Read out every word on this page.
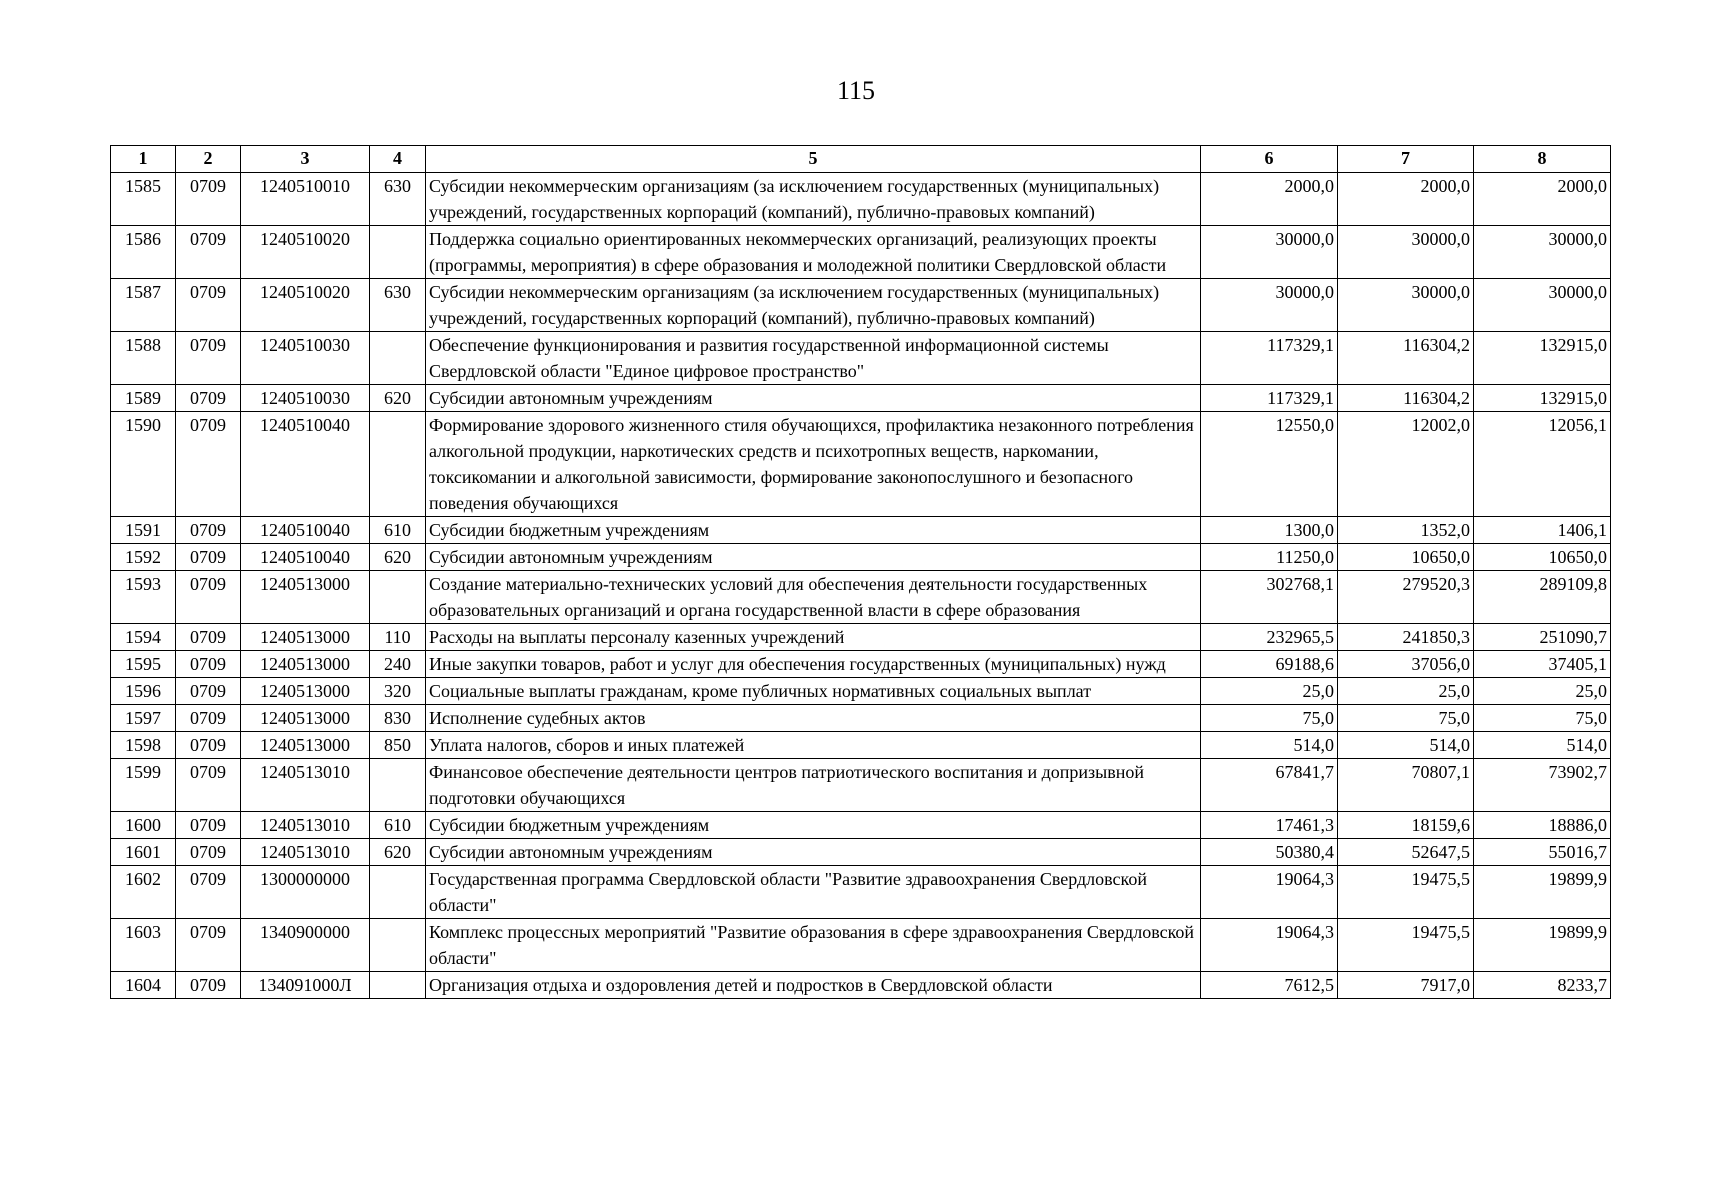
115
1	2	3	4	5	6	7	8
1585	0709	1240510010	630	Субсидии некоммерческим организациям (за исключением государственных (муниципальных) учреждений, государственных корпораций (компаний), публично-правовых компаний)	2000,0	2000,0	2000,0
1586	0709	1240510020		Поддержка социально ориентированных некоммерческих организаций, реализующих проекты (программы, мероприятия) в сфере образования и молодежной политики Свердловской области	30000,0	30000,0	30000,0
1587	0709	1240510020	630	Субсидии некоммерческим организациям (за исключением государственных (муниципальных) учреждений, государственных корпораций (компаний), публично-правовых компаний)	30000,0	30000,0	30000,0
1588	0709	1240510030		Обеспечение функционирования и развития государственной информационной системы Свердловской области "Единое цифровое пространство"	117329,1	116304,2	132915,0
1589	0709	1240510030	620	Субсидии автономным учреждениям	117329,1	116304,2	132915,0
1590	0709	1240510040		Формирование здорового жизненного стиля обучающихся, профилактика незаконного потребления алкогольной продукции, наркотических средств и психотропных веществ, наркомании, токсикомании и алкогольной зависимости, формирование законопослушного и безопасного поведения обучающихся	12550,0	12002,0	12056,1
1591	0709	1240510040	610	Субсидии бюджетным учреждениям	1300,0	1352,0	1406,1
1592	0709	1240510040	620	Субсидии автономным учреждениям	11250,0	10650,0	10650,0
1593	0709	1240513000		Создание материально-технических условий для обеспечения деятельности государственных образовательных организаций и органа государственной власти в сфере образования	302768,1	279520,3	289109,8
1594	0709	1240513000	110	Расходы на выплаты персоналу казенных учреждений	232965,5	241850,3	251090,7
1595	0709	1240513000	240	Иные закупки товаров, работ и услуг для обеспечения государственных (муниципальных) нужд	69188,6	37056,0	37405,1
1596	0709	1240513000	320	Социальные выплаты гражданам, кроме публичных нормативных социальных выплат	25,0	25,0	25,0
1597	0709	1240513000	830	Исполнение судебных актов	75,0	75,0	75,0
1598	0709	1240513000	850	Уплата налогов, сборов и иных платежей	514,0	514,0	514,0
1599	0709	1240513010		Финансовое обеспечение деятельности центров патриотического воспитания и допризывной подготовки обучающихся	67841,7	70807,1	73902,7
1600	0709	1240513010	610	Субсидии бюджетным учреждениям	17461,3	18159,6	18886,0
1601	0709	1240513010	620	Субсидии автономным учреждениям	50380,4	52647,5	55016,7
1602	0709	1300000000		Государственная программа Свердловской области "Развитие здравоохранения Свердловской области"	19064,3	19475,5	19899,9
1603	0709	1340900000		Комплекс процессных мероприятий "Развитие образования в сфере здравоохранения Свердловской области"	19064,3	19475,5	19899,9
1604	0709	134091000Л		Организация отдыха и оздоровления детей и подростков в Свердловской области	7612,5	7917,0	8233,7
